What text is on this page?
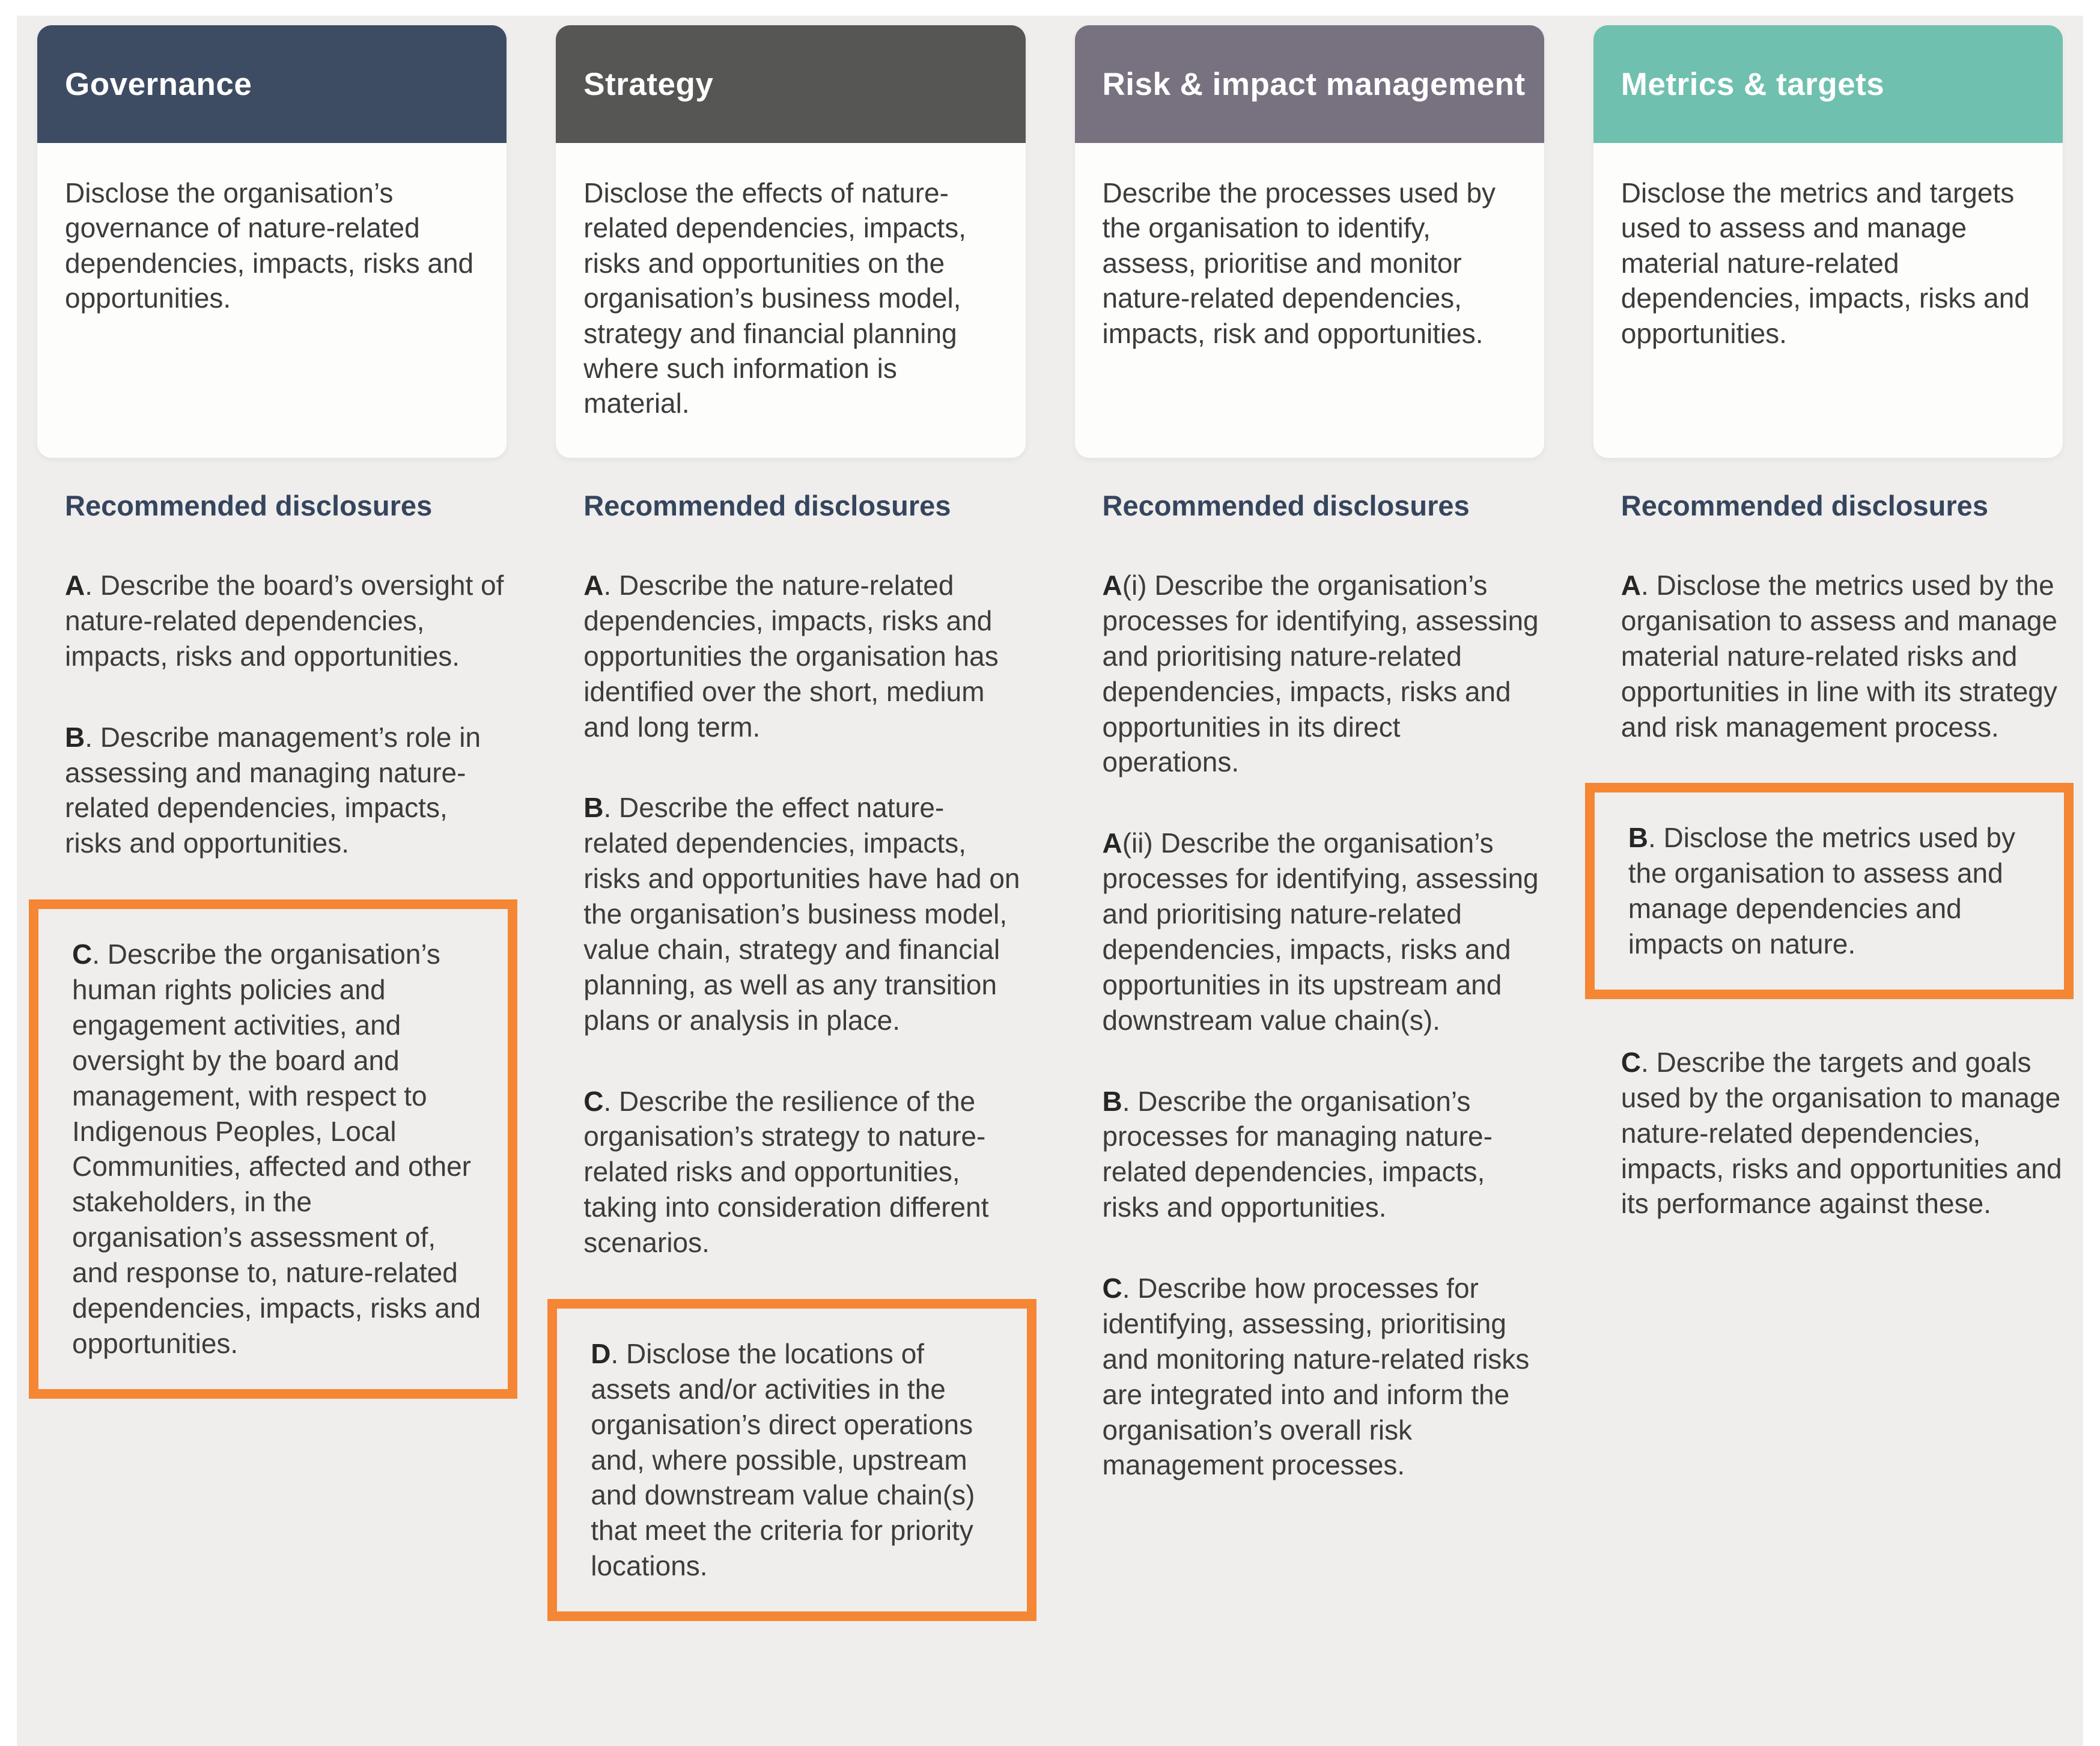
Governance

Disclose the organisation’s governance of nature-related dependencies, impacts, risks and opportunities.

Recommended disclosures

A. Describe the board’s oversight of nature-related dependencies, impacts, risks and opportunities.

B. Describe management’s role in assessing and managing nature-related dependencies, impacts, risks and opportunities.

C. Describe the organisation’s human rights policies and engagement activities, and oversight by the board and management, with respect to Indigenous Peoples, Local Communities, affected and other stakeholders, in the organisation’s assessment of, and response to, nature-related dependencies, impacts, risks and opportunities.

Strategy

Disclose the effects of nature-related dependencies, impacts, risks and opportunities on the organisation’s business model, strategy and financial planning where such information is material.

Recommended disclosures

A. Describe the nature-related dependencies, impacts, risks and opportunities the organisation has identified over the short, medium and long term.

B. Describe the effect nature-related dependencies, impacts, risks and opportunities have had on the organisation’s business model, value chain, strategy and financial planning, as well as any transition plans or analysis in place.

C. Describe the resilience of the organisation’s strategy to nature-related risks and opportunities, taking into consideration different scenarios.

D. Disclose the locations of assets and/or activities in the organisation’s direct operations and, where possible, upstream and downstream value chain(s) that meet the criteria for priority locations.

Risk & impact management

Describe the processes used by the organisation to identify, assess, prioritise and monitor nature-related dependencies, impacts, risk and opportunities.

Recommended disclosures

A(i) Describe the organisation’s processes for identifying, assessing and prioritising nature-related dependencies, impacts, risks and opportunities in its direct operations.

A(ii) Describe the organisation’s processes for identifying, assessing and prioritising nature-related dependencies, impacts, risks and opportunities in its upstream and downstream value chain(s).

B. Describe the organisation’s processes for managing nature-related dependencies, impacts, risks and opportunities.

C. Describe how processes for identifying, assessing, prioritising and monitoring nature-related risks are integrated into and inform the organisation’s overall risk management processes.

Metrics & targets

Disclose the metrics and targets used to assess and manage material nature-related dependencies, impacts, risks and opportunities.

Recommended disclosures

A. Disclose the metrics used by the organisation to assess and manage material nature-related risks and opportunities in line with its strategy and risk management process.

B. Disclose the metrics used by the organisation to assess and manage dependencies and impacts on nature.

C. Describe the targets and goals used by the organisation to manage nature-related dependencies, impacts, risks and opportunities and its performance against these.
